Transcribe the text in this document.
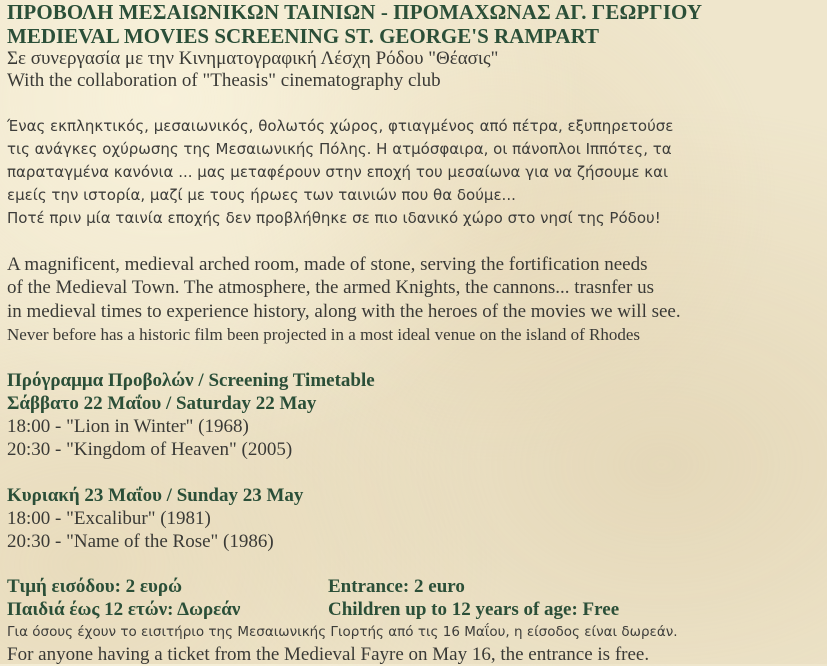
ΠΡΟΒΟΛΗ ΜΕΣΑΙΩΝΙΚΩΝ ΤΑΙΝΙΩΝ - ΠΡΟΜΑΧΩΝΑΣ ΑΓ. ΓΕΩΡΓΙΟΥ
MEDIEVAL MOVIES SCREENING ST. GEORGE'S RAMPART
Σε συνεργασία με την Κινηματογραφική Λέσχη Ρόδου "Θέασις"
With the collaboration of "Theasis" cinematography club
Ένας εκπληκτικός, μεσαιωνικός, θολωτός χώρος, φτιαγμένος από πέτρα, εξυπηρετούσε
τις ανάγκες οχύρωσης της Μεσαιωνικής Πόλης. Η ατμόσφαιρα, οι πάνοπλοι Ιππότες, τα
παραταγμένα κανόνια ... μας μεταφέρουν στην εποχή του μεσαίωνα για να ζήσουμε και
εμείς την ιστορία, μαζί με τους ήρωες των ταινιών που θα δούμε...
Ποτέ πριν μία ταινία εποχής δεν προβλήθηκε σε πιο ιδανικό χώρο στο νησί της Ρόδου!
A magnificent, medieval arched room, made of stone, serving the fortification needs
of the Medieval Town. The atmosphere, the armed Knights, the cannons... trasnfer us
in medieval times to experience history, along with the heroes of the movies we will see.
Never before has a historic film been projected in a most ideal venue on the island of Rhodes
Πρόγραμμα Προβολών / Screening Timetable
Σάββατο 22 Μαΐου / Saturday 22 May
18:00 - "Lion in Winter" (1968)
20:30 - "Kingdom of Heaven" (2005)
Κυριακή 23 Μαΐου / Sunday 23 May
18:00 - "Excalibur" (1981)
20:30 - "Name of the Rose" (1986)
Τιμή εισόδου: 2 ευρώ
Παιδιά έως 12 ετών: Δωρεάν
Entrance: 2 euro
Children up to 12 years of age: Free
Για όσους έχουν το εισιτήριο της Μεσαιωνικής Γιορτής από τις 16 Μαΐου, η είσοδος είναι δωρεάν.
For anyone having a ticket from the Medieval Fayre on May 16, the entrance is free.
